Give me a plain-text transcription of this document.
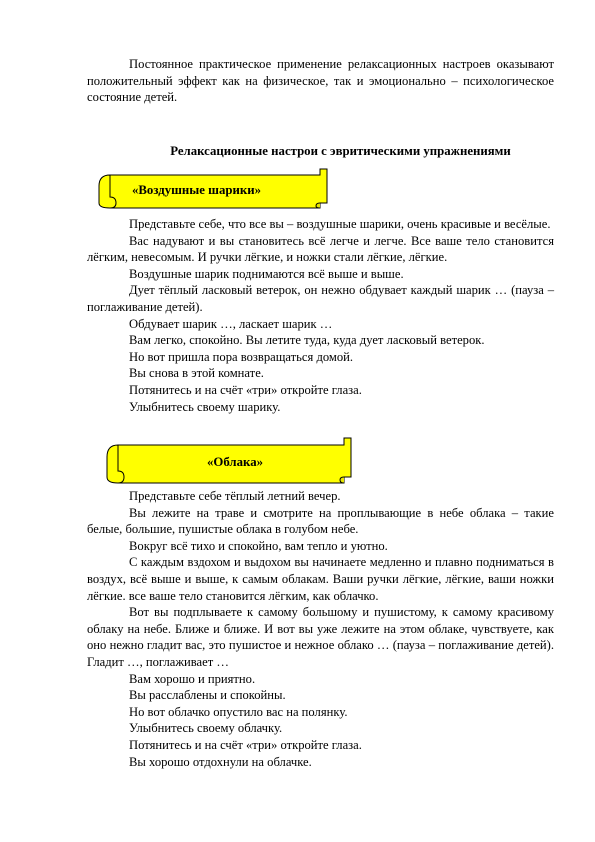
Постоянное практическое применение релаксационных настроев оказывают положительный эффект как на физическое, так и эмоционально – психологическое состояние детей.

Релаксационные настрои с эвритическими упражнениями
«Воздушные шарики»

Представьте себе, что все вы – воздушные шарики, очень красивые и весёлые.

Вас надувают и вы становитесь всё легче и легче. Все ваше тело становится лёгким, невесомым. И ручки лёгкие, и ножки стали лёгкие, лёгкие.

Воздушные шарик поднимаются всё выше и выше.

Дует тёплый ласковый ветерок, он нежно обдувает каждый шарик … (пауза – поглаживание детей).

Обдувает шарик …, ласкает шарик …

Вам легко, спокойно. Вы летите туда, куда дует ласковый ветерок.

Но вот пришла пора возвращаться домой.

Вы снова в этой комнате.

Потянитесь и на счёт «три» откройте глаза.

Улыбнитесь своему шарику.

«Облака»

Представьте себе тёплый летний вечер.

Вы лежите на траве и смотрите на проплывающие в небе облака – такие белые, большие, пушистые облака в голубом небе.

Вокруг всё тихо и спокойно, вам тепло и уютно.

С каждым вздохом и выдохом вы начинаете медленно и плавно подниматься в воздух, всё выше и выше, к самым облакам. Ваши ручки лёгкие, лёгкие, ваши ножки лёгкие. все ваше тело становится лёгким, как облачко.

Вот вы подплываете к самому большому и пушистому, к самому красивому облаку на небе. Ближе и ближе. И вот вы уже лежите на этом облаке, чувствуете, как оно нежно гладит вас, это пушистое и нежное облако … (пауза – поглаживание детей). Гладит …, поглаживает …

Вам хорошо и приятно.

Вы расслаблены и спокойны.

Но вот облачко опустило вас на полянку.

Улыбнитесь своему облачку.

Потянитесь и на счёт «три» откройте глаза.

Вы хорошо отдохнули на облачке.
